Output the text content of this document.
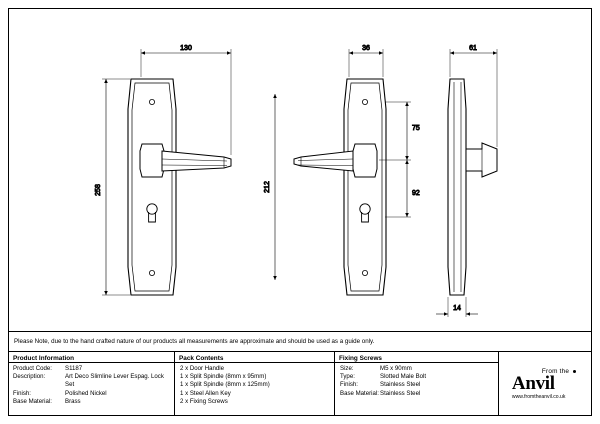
130
258
36
212
75
92
61
14
Please Note, due to the hand crafted nature of our products all measurements are approximate and should be used as a guide only.
Product Information
Product Code:	S1187
Description:	Art Deco Slimline Lever Espag. Lock Set
Finish:	Polished Nickel
Base Material:	Brass
Pack Contents
2 x Door Handle
1 x Split Spindle (8mm x 95mm)
1 x Split Spindle (8mm x 125mm)
1 x Steel Allen Key
2 x Fixing Screws
Fixing Screws
Size:	M5 x 90mm
Type:	Slotted Male Bolt
Finish:	Stainless Steel
Base Material: Stainless Steel
From the
Anvil
www.fromtheanvil.co.uk
